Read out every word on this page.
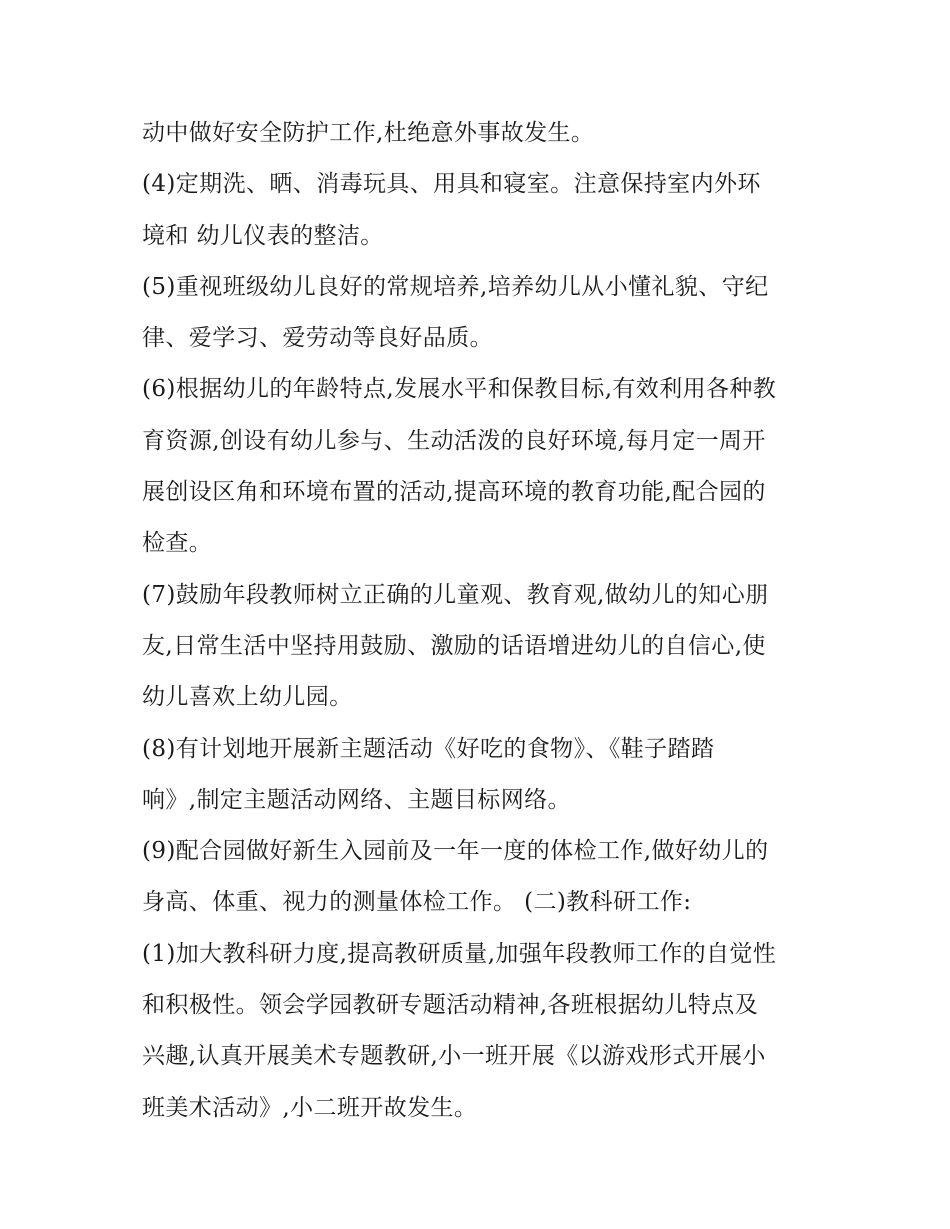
动中做好安全防护工作,杜绝意外事故发生。
(4)定期洗、晒、消毒玩具、用具和寝室。注意保持室内外环
境和 幼儿仪表的整洁。
(5)重视班级幼儿良好的常规培养,培养幼儿从小懂礼貌、守纪
律、爱学习、爱劳动等良好品质。
(6)根据幼儿的年龄特点,发展水平和保教目标,有效利用各种教
育资源,创设有幼儿参与、生动活泼的良好环境,每月定一周开
展创设区角和环境布置的活动,提高环境的教育功能,配合园的
检查。
(7)鼓励年段教师树立正确的儿童观、教育观,做幼儿的知心朋
友,日常生活中坚持用鼓励、激励的话语增进幼儿的自信心,使
幼儿喜欢上幼儿园。
(8)有计划地开展新主题活动《好吃的食物》、《鞋子踏踏
响》,制定主题活动网络、主题目标网络。
(9)配合园做好新生入园前及一年一度的体检工作,做好幼儿的
身高、体重、视力的测量体检工作。 (二)教科研工作:
(1)加大教科研力度,提高教研质量,加强年段教师工作的自觉性
和积极性。领会学园教研专题活动精神,各班根据幼儿特点及
兴趣,认真开展美术专题教研,小一班开展《以游戏形式开展小
班美术活动》,小二班开故发生。
